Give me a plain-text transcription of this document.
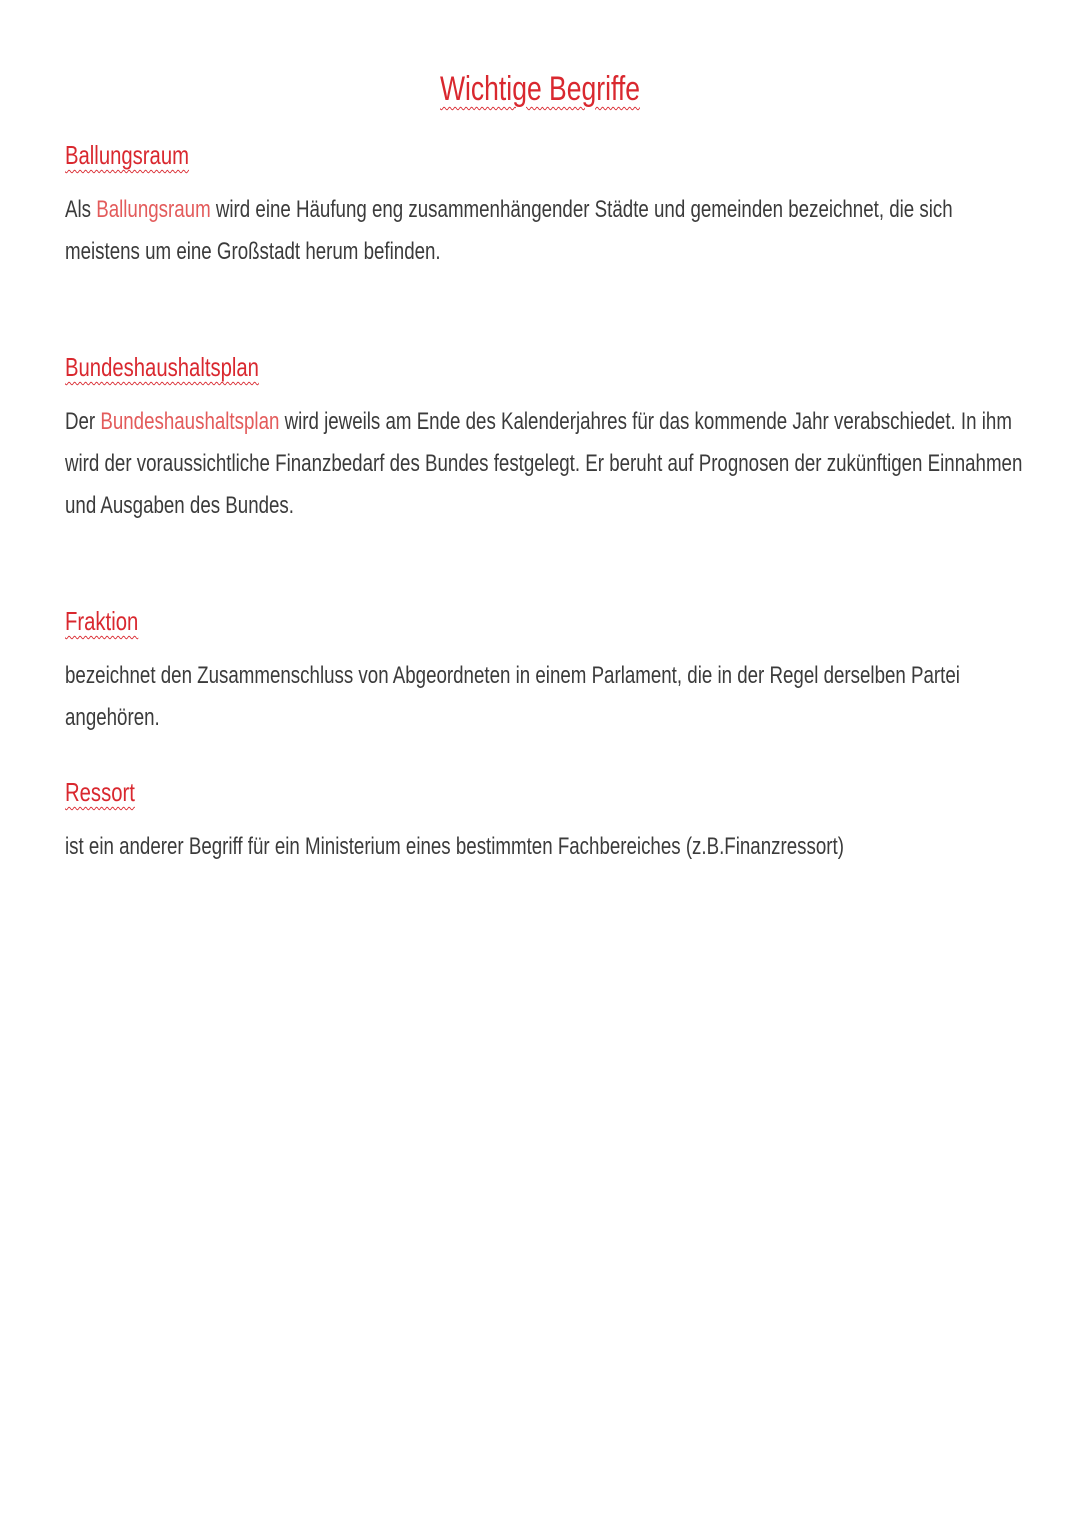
Wichtige Begriffe
Ballungsraum
Als Ballungsraum wird eine Häufung eng zusammenhängender Städte und gemeinden bezeichnet, die sich meistens um eine Großstadt herum befinden.
Bundeshaushaltsplan
Der Bundeshaushaltsplan wird jeweils am Ende des Kalenderjahres für das kommende Jahr verabschiedet. In ihm wird der voraussichtliche Finanzbedarf des Bundes festgelegt. Er beruht auf Prognosen der zukünftigen Einnahmen und Ausgaben des Bundes.
Fraktion
bezeichnet den Zusammenschluss von Abgeordneten in einem Parlament, die in der Regel derselben Partei angehören.
Ressort
ist ein anderer Begriff für ein Ministerium eines bestimmten Fachbereiches (z.B.Finanzressort)
